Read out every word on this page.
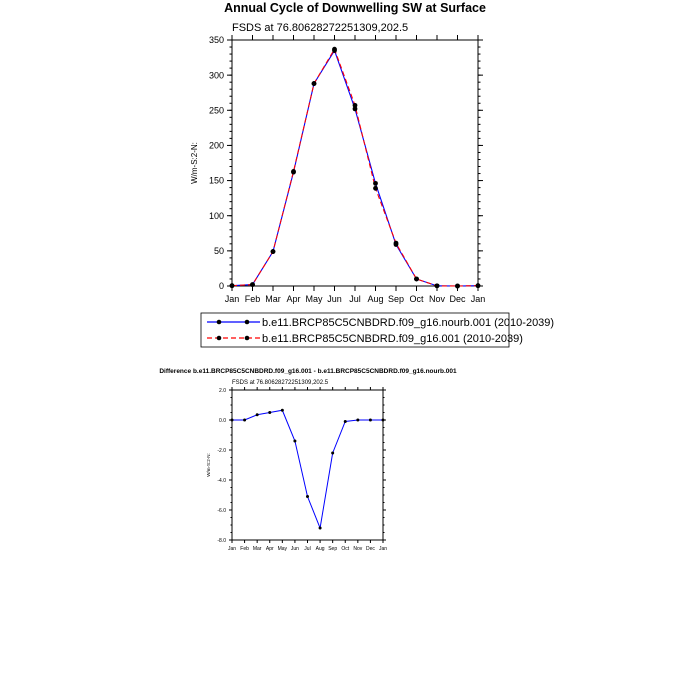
Annual Cycle of Downwelling SW at Surface
FSDS at 76.80628272251309,202.5
W/m-S:2-N:
0
50
100
150
200
250
300
350
Jan Feb Mar Apr May Jun Jul Aug Sep Oct Nov Dec Jan
b.e11.BRCP85C5CNBDRD.f09_g16.nourb.001 (2010-2039)
b.e11.BRCP85C5CNBDRD.f09_g16.001 (2010-2039)
Difference b.e11.BRCP85C5CNBDRD.f09_g16.001 - b.e11.BRCP85C5CNBDRD.f09_g16.nourb.001
FSDS at 76.80628272251309,202.5
W/m-S:2-N:
-8.0
-6.0
-4.0
-2.0
0.0
2.0
Jan Feb Mar Apr May Jun Jul Aug Sep Oct Nov Dec Jan
